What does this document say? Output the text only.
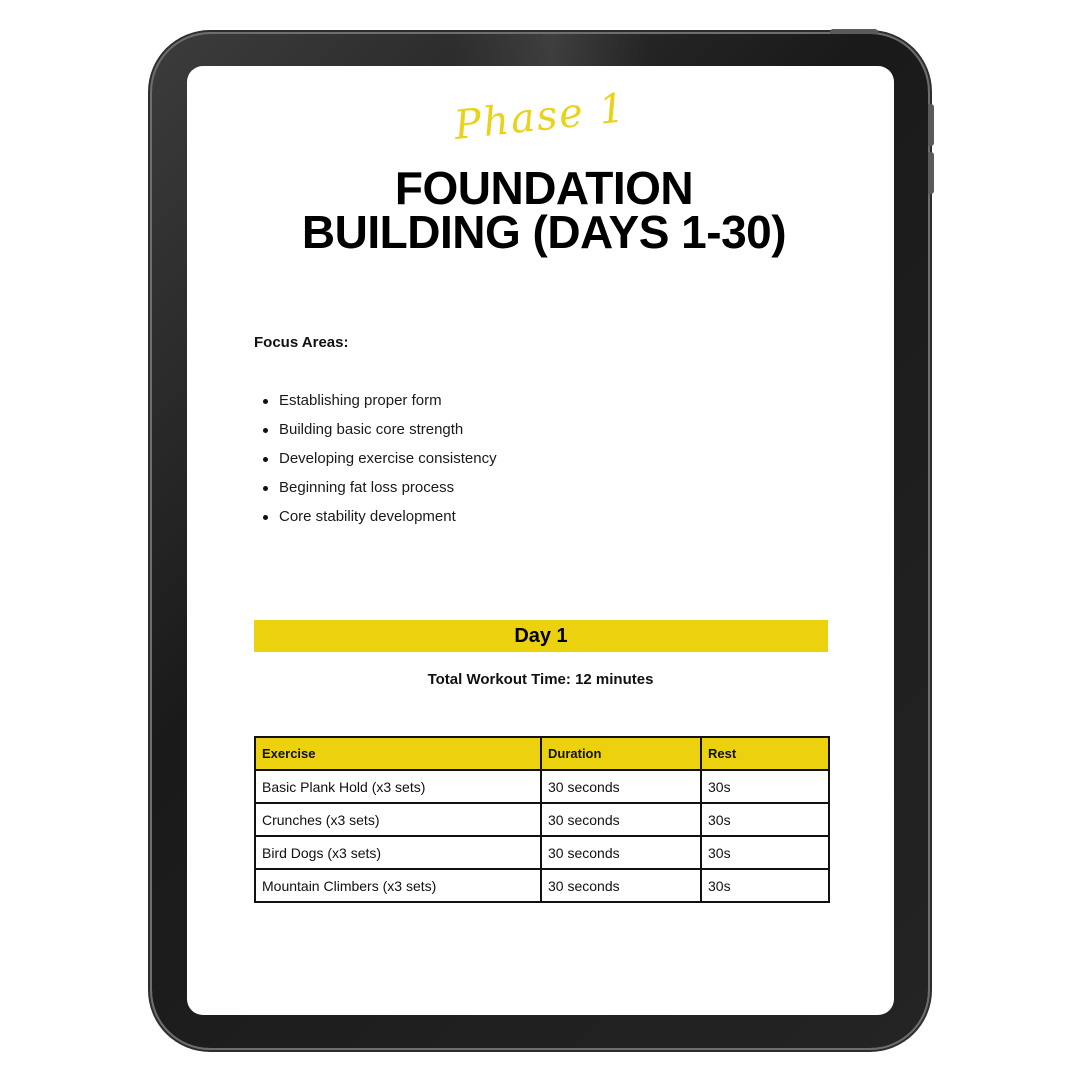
Phase 1
FOUNDATION
BUILDING (DAYS 1-30)
Focus Areas:
Establishing proper form
Building basic core strength
Developing exercise consistency
Beginning fat loss process
Core stability development
Day 1
Total Workout Time: 12 minutes
Exercise	Duration	Rest
Basic Plank Hold (x3 sets)	30 seconds	30s
Crunches (x3 sets)	30 seconds	30s
Bird Dogs (x3 sets)	30 seconds	30s
Mountain Climbers (x3 sets)	30 seconds	30s
